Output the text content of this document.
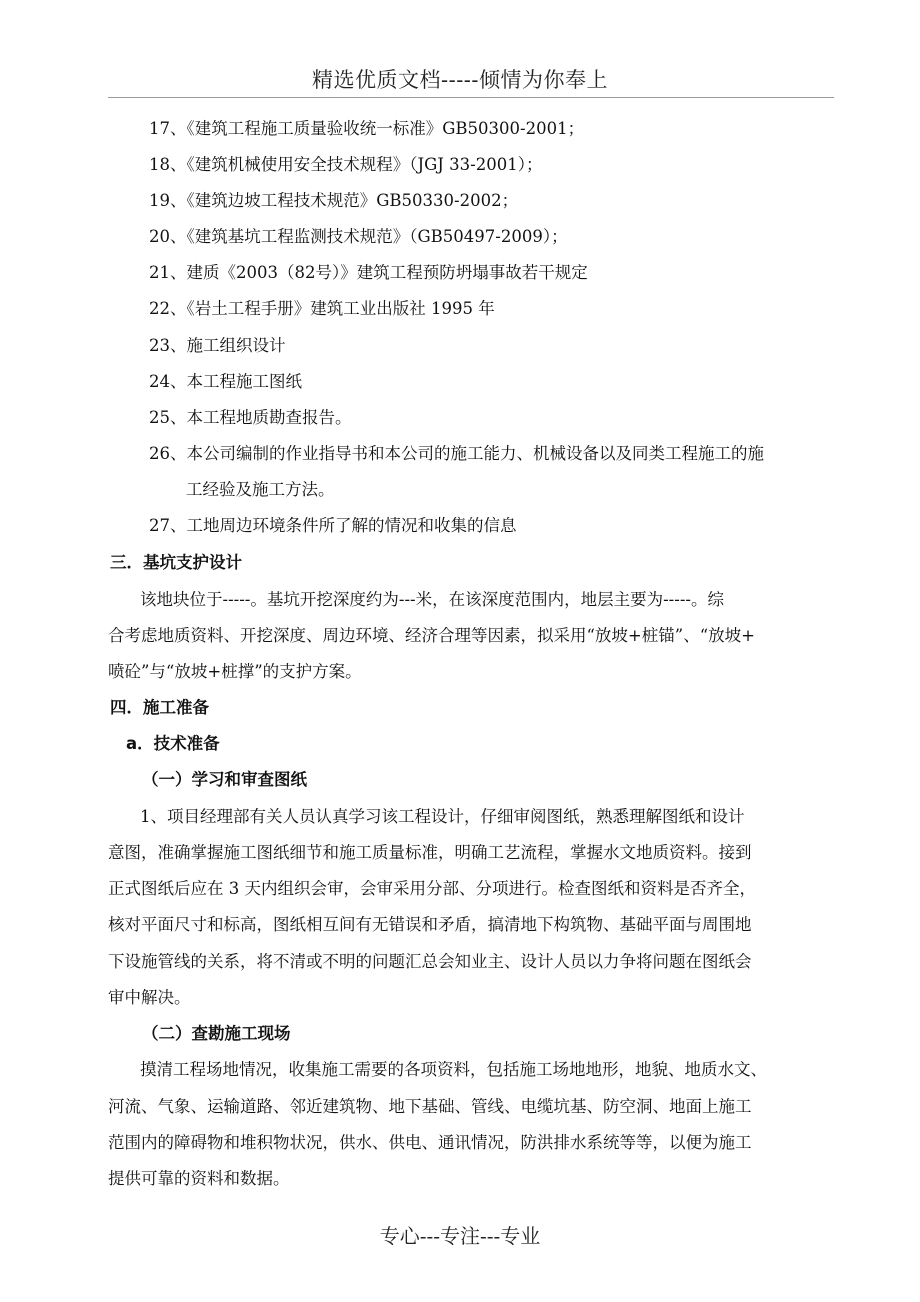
精选优质文档-----倾情为你奉上
17、《建筑工程施工质量验收统一标准》GB50300-2001；
18、《建筑机械使用安全技术规程》（JGJ 33-2001）；
19、《建筑边坡工程技术规范》GB50330-2002；
20、《建筑基坑工程监测技术规范》（GB50497-2009）；
21、建质《2003（82号）》建筑工程预防坍塌事故若干规定
22、《岩土工程手册》建筑工业出版社 1995 年
23、施工组织设计
24、本工程施工图纸
25、本工程地质勘查报告。
26、本公司编制的作业指导书和本公司的施工能力、机械设备以及同类工程施工的施
工经验及施工方法。
27、工地周边环境条件所了解的情况和收集的信息
三．基坑支护设计
该地块位于-----。基坑开挖深度约为---米，在该深度范围内，地层主要为-----。综
合考虑地质资料、开挖深度、周边环境、经济合理等因素，拟采用“放坡+桩锚”、“放坡+
喷砼”与“放坡+桩撑”的支护方案。
四．施工准备
a．技术准备
（一）学习和审查图纸
1、项目经理部有关人员认真学习该工程设计，仔细审阅图纸，熟悉理解图纸和设计
意图，准确掌握施工图纸细节和施工质量标准，明确工艺流程，掌握水文地质资料。接到
正式图纸后应在 3 天内组织会审，会审采用分部、分项进行。检查图纸和资料是否齐全，
核对平面尺寸和标高，图纸相互间有无错误和矛盾，搞清地下构筑物、基础平面与周围地
下设施管线的关系，将不清或不明的问题汇总会知业主、设计人员以力争将问题在图纸会
审中解决。
（二）查勘施工现场
摸清工程场地情况，收集施工需要的各项资料，包括施工场地地形，地貌、地质水文、
河流、气象、运输道路、邻近建筑物、地下基础、管线、电缆坑基、防空洞、地面上施工
范围内的障碍物和堆积物状况，供水、供电、通讯情况，防洪排水系统等等，以便为施工
提供可靠的资料和数据。
专心---专注---专业
